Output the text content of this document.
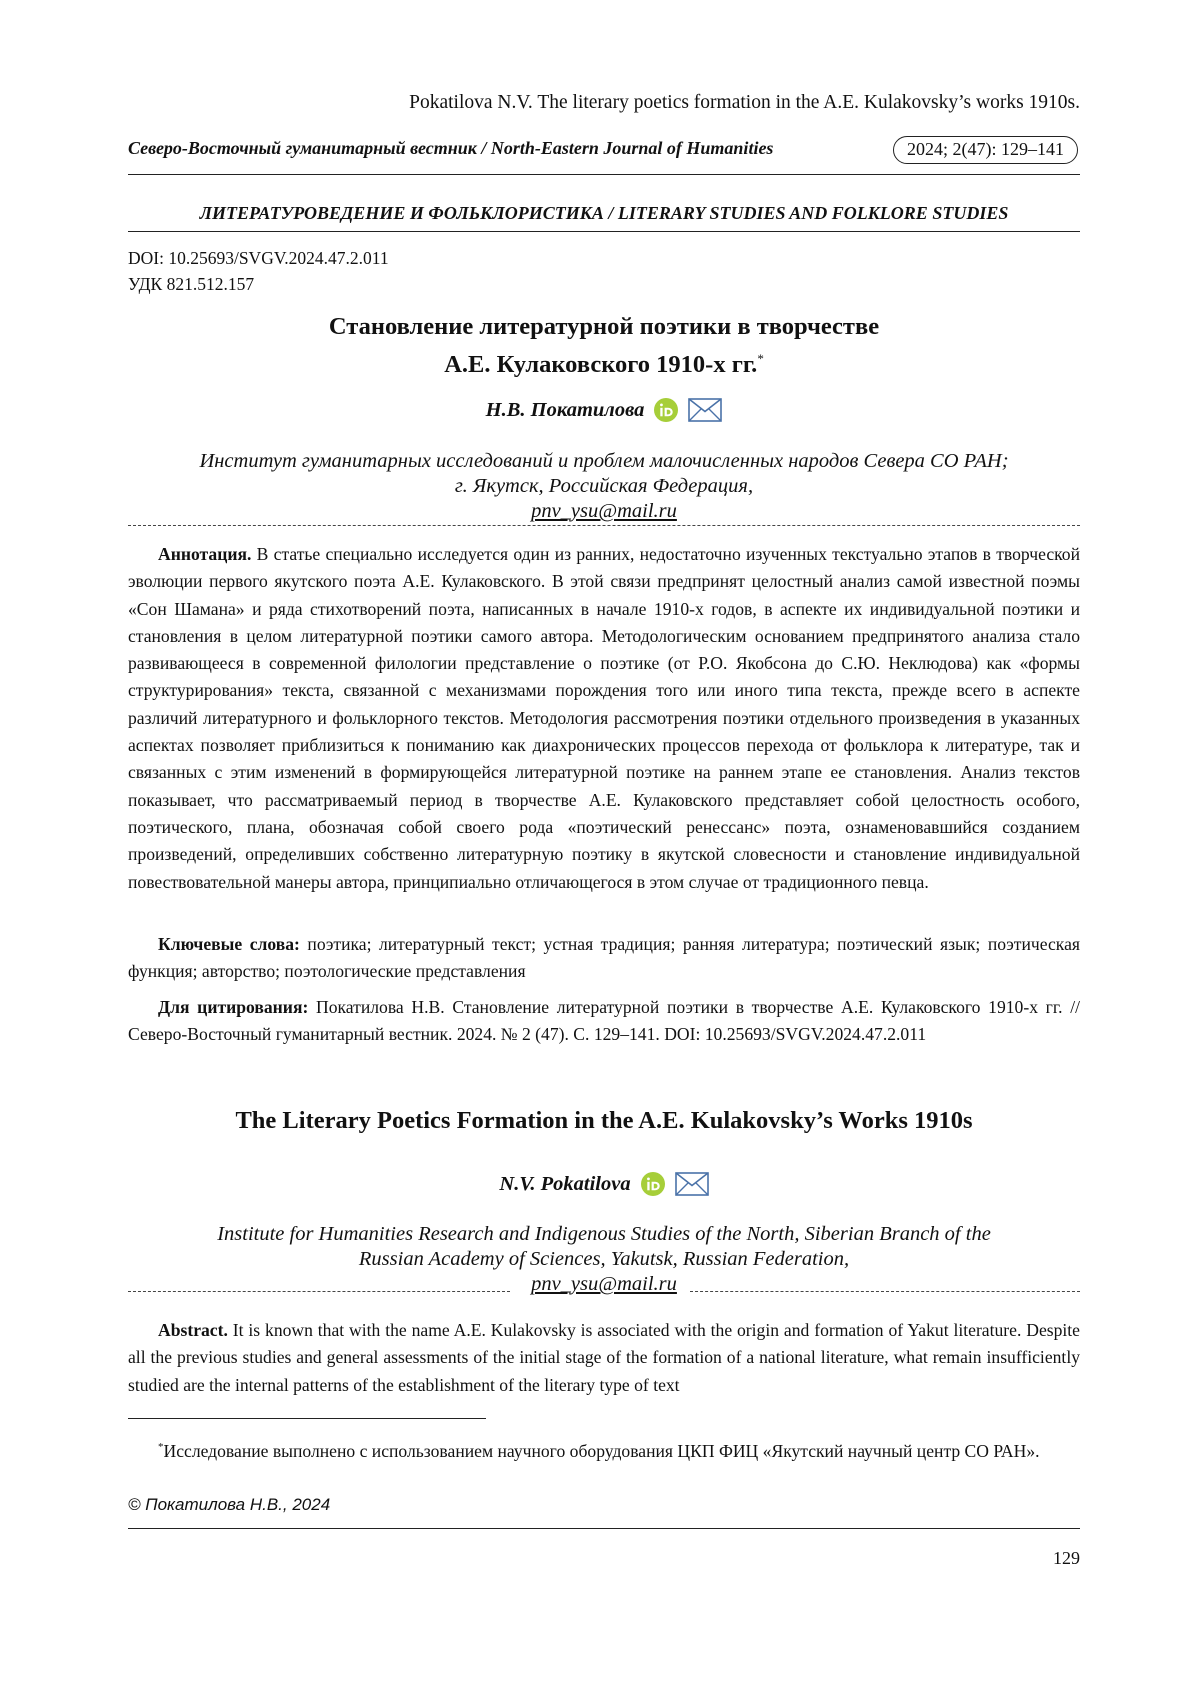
Pokatilova N.V. The literary poetics formation in the A.E. Kulakovsky’s works 1910s.
Северо-Восточный гуманитарный вестник / North-Eastern Journal of Humanities	2024; 2(47): 129–141
ЛИТЕРАТУРОВЕДЕНИЕ И ФОЛЬКЛОРИСТИКА / LITERARY STUDIES AND FOLKLORE STUDIES
DOI: 10.25693/SVGV.2024.47.2.011
УДК 821.512.157
Становление литературной поэтики в творчестве
А.Е. Кулаковского 1910-х гг.*
Н.В. Покатилова
Институт гуманитарных исследований и проблем малочисленных народов Севера СО РАН;
г. Якутск, Российская Федерация,
pnv_ysu@mail.ru
Аннотация. В статье специально исследуется один из ранних, недостаточно изученных текстуально этапов в творческой эволюции первого якутского поэта А.Е. Кулаковского. В этой связи предпринят целостный анализ самой известной поэмы «Сон Шамана» и ряда стихотворений поэта, написанных в начале 1910-х годов, в аспекте их индивидуальной поэтики и становления в целом литературной поэтики самого автора. Методологическим основанием предпринятого анализа стало развивающееся в современной филологии представление о поэтике (от Р.О. Якобсона до С.Ю. Неклюдова) как «формы структурирования» текста, связанной с механизмами порождения того или иного типа текста, прежде всего в аспекте различий литературного и фольклорного текстов. Методология рассмотрения поэтики отдельного произведения в указанных аспектах позволяет приблизиться к пониманию как диахронических процессов перехода от фольклора к литературе, так и связанных с этим изменений в формирующейся литературной поэтике на раннем этапе ее становления. Анализ текстов показывает, что рассматриваемый период в творчестве А.Е. Кулаковского представляет собой целостность особого, поэтического, плана, обозначая собой своего рода «поэтический ренессанс» поэта, ознаменовавшийся созданием произведений, определивших собственно литературную поэтику в якутской словесности и становление индивидуальной повествовательной манеры автора, принципиально отличающегося в этом случае от традиционного певца.
Ключевые слова: поэтика; литературный текст; устная традиция; ранняя литература; поэтический язык; поэтическая функция; авторство; поэтологические представления
Для цитирования: Покатилова Н.В. Становление литературной поэтики в творчестве А.Е. Кулаковского 1910-х гг. // Северо-Восточный гуманитарный вестник. 2024. № 2 (47). С. 129–141. DOI: 10.25693/SVGV.2024.47.2.011
The Literary Poetics Formation in the A.E. Kulakovsky’s Works 1910s
N.V. Pokatilova
Institute for Humanities Research and Indigenous Studies of the North, Siberian Branch of the
Russian Academy of Sciences, Yakutsk, Russian Federation,
pnv_ysu@mail.ru
Abstract. It is known that with the name A.E. Kulakovsky is associated with the origin and formation of Yakut literature. Despite all the previous studies and general assessments of the initial stage of the formation of a national literature, what remain insufficiently studied are the internal patterns of the establishment of the literary type of text
*Исследование выполнено с использованием научного оборудования ЦКП ФИЦ «Якутский научный центр СО РАН».
© Покатилова Н.В., 2024
129
